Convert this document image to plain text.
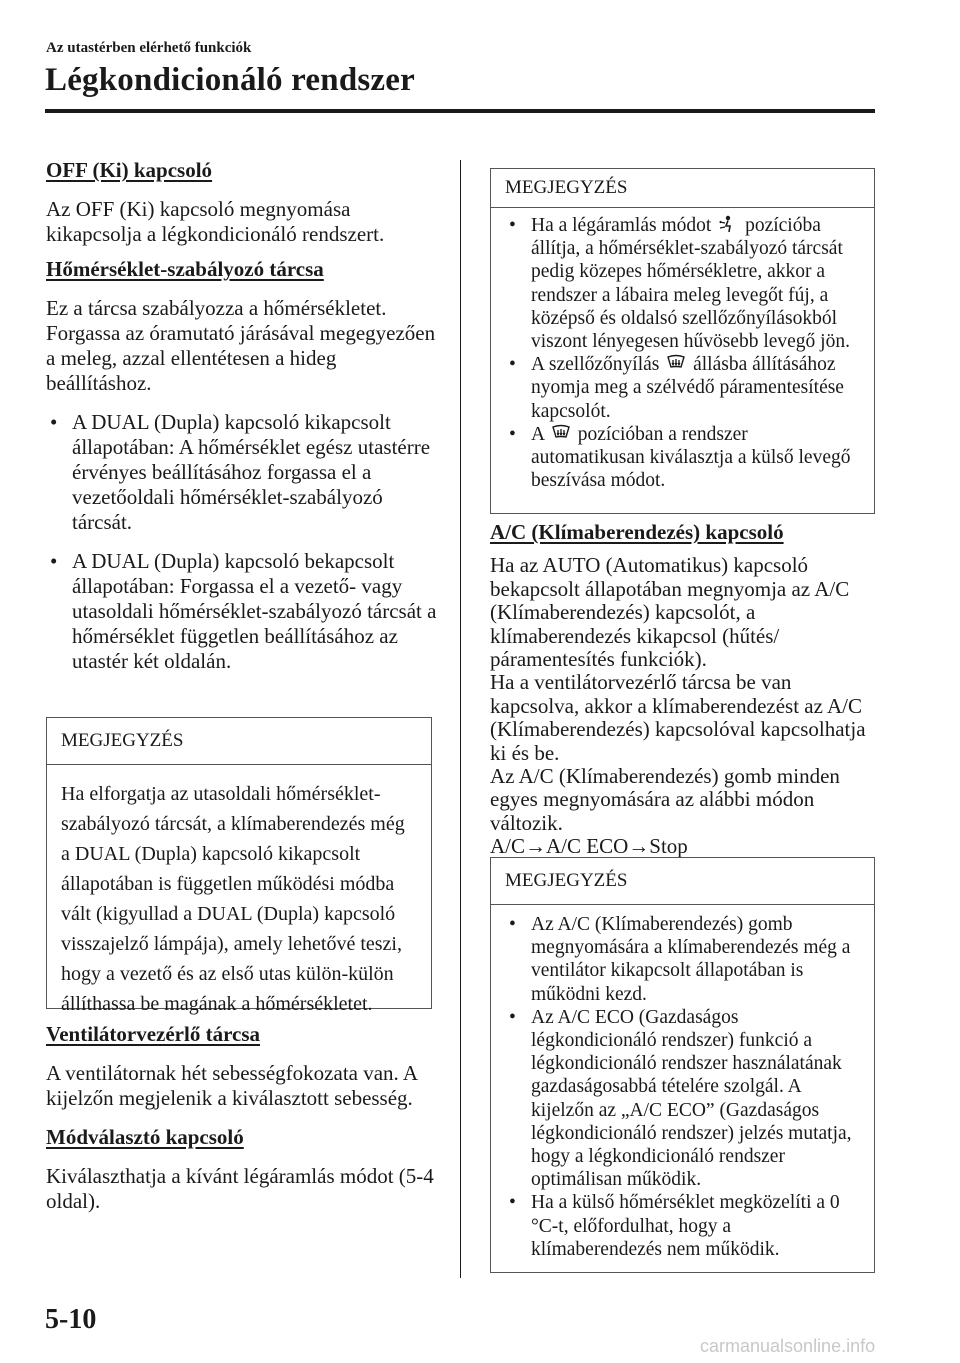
Az utastérben elérhető funkciók
Légkondicionáló rendszer

OFF (Ki) kapcsoló

Az OFF (Ki) kapcsoló megnyomása kikapcsolja a légkondicionáló rendszert.

Hőmérséklet-szabályozó tárcsa

Ez a tárcsa szabályozza a hőmérsékletet. Forgassa az óramutató járásával megegyezően a meleg, azzal ellentétesen a hideg beállításhoz.

• A DUAL (Dupla) kapcsoló kikapcsolt állapotában: A hőmérséklet egész utastérre érvényes beállításához forgassa el a vezetőoldali hőmérséklet-szabályozó tárcsát.

• A DUAL (Dupla) kapcsoló bekapcsolt állapotában: Forgassa el a vezető- vagy utasoldali hőmérséklet-szabályozó tárcsát a hőmérséklet független beállításához az utastér két oldalán.

MEGJEGYZÉS
Ha elforgatja az utasoldali hőmérséklet-szabályozó tárcsát, a klímaberendezés még a DUAL (Dupla) kapcsoló kikapcsolt állapotában is független működési módba vált (kigyullad a DUAL (Dupla) kapcsoló visszajelző lámpája), amely lehetővé teszi, hogy a vezető és az első utas külön-külön állíthassa be magának a hőmérsékletet.

Ventilátorvezérlő tárcsa

A ventilátornak hét sebességfokozata van. A kijelzőn megjelenik a kiválasztott sebesség.

Módválasztó kapcsoló

Kiválaszthatja a kívánt légáramlás módot (5-4 oldal).

MEGJEGYZÉS

• Ha a légáramlás módot pozícióba állítja, a hőmérséklet-szabályozó tárcsát pedig közepes hőmérsékletre, akkor a rendszer a lábaira meleg levegőt fúj, a középső és oldalsó szellőzőnyílásokból viszont lényegesen hűvösebb levegő jön.

• A szellőzőnyílás állásba állításához nyomja meg a szélvédő páramentesítése kapcsolót.

• A pozícióban a rendszer automatikusan kiválasztja a külső levegő beszívása módot.

A/C (Klímaberendezés) kapcsoló

Ha az AUTO (Automatikus) kapcsoló bekapcsolt állapotában megnyomja az A/C (Klímaberendezés) kapcsolót, a klímaberendezés kikapcsol (hűtés/ páramentesítés funkciók).

Ha a ventilátorvezérlő tárcsa be van kapcsolva, akkor a klímaberendezést az A/C (Klímaberendezés) kapcsolóval kapcsolhatja ki és be.

Az A/C (Klímaberendezés) gomb minden egyes megnyomására az alábbi módon változik.

A/C→A/C ECO→Stop

MEGJEGYZÉS

• Az A/C (Klímaberendezés) gomb megnyomására a klímaberendezés még a ventilátor kikapcsolt állapotában is működni kezd.

• Az A/C ECO (Gazdaságos légkondicionáló rendszer) funkció a légkondicionáló rendszer használatának gazdaságosabbá tételére szolgál. A kijelzőn az „A/C ECO” (Gazdaságos légkondicionáló rendszer) jelzés mutatja, hogy a légkondicionáló rendszer optimálisan működik.

• Ha a külső hőmérséklet megközelíti a 0 °C-t, előfordulhat, hogy a klímaberendezés nem működik.

5-10
carmanualsonline.info
